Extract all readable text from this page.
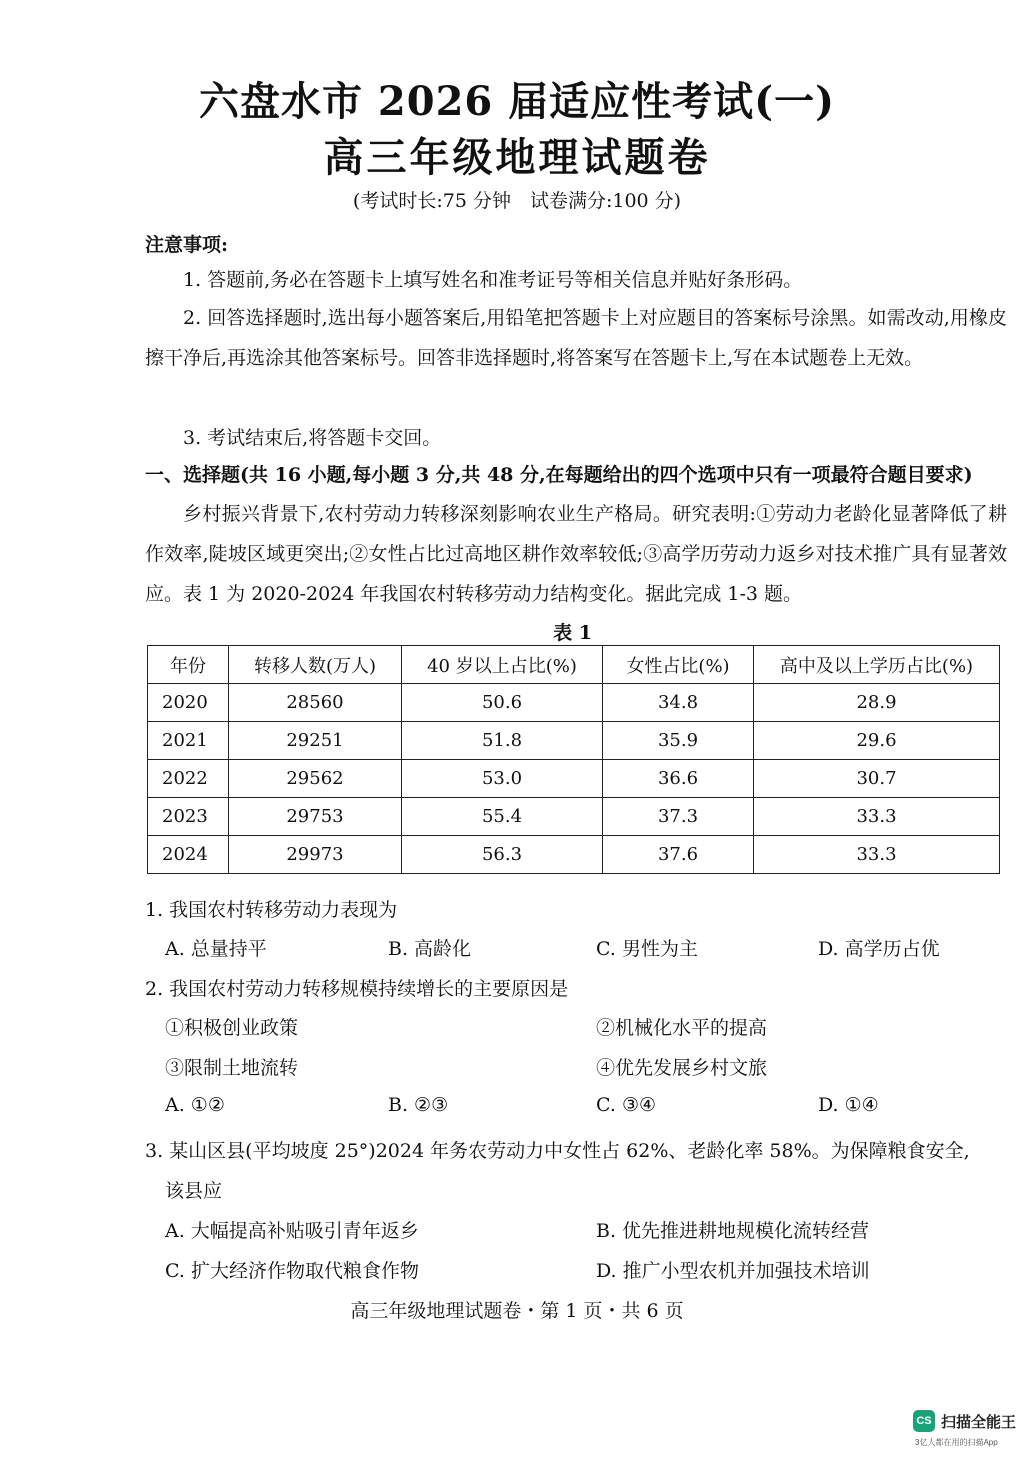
六盘水市 2026 届适应性考试(一)
高三年级地理试题卷
(考试时长:75 分钟　试卷满分:100 分)
注意事项:
1. 答题前,务必在答题卡上填写姓名和准考证号等相关信息并贴好条形码。
2. 回答选择题时,选出每小题答案后,用铅笔把答题卡上对应题目的答案标号涂黑。如需改动,用橡皮擦干净后,再选涂其他答案标号。回答非选择题时,将答案写在答题卡上,写在本试题卷上无效。
3. 考试结束后,将答题卡交回。
一、选择题(共 16 小题,每小题 3 分,共 48 分,在每题给出的四个选项中只有一项最符合题目要求)
乡村振兴背景下,农村劳动力转移深刻影响农业生产格局。研究表明:①劳动力老龄化显著降低了耕作效率,陡坡区域更突出;②女性占比过高地区耕作效率较低;③高学历劳动力返乡对技术推广具有显著效应。表 1 为 2020-2024 年我国农村转移劳动力结构变化。据此完成 1-3 题。
表 1
年份	转移人数(万人)	40 岁以上占比(%)	女性占比(%)	高中及以上学历占比(%)
2020	28560	50.6	34.8	28.9
2021	29251	51.8	35.9	29.6
2022	29562	53.0	36.6	30.7
2023	29753	55.4	37.3	33.3
2024	29973	56.3	37.6	33.3
1. 我国农村转移劳动力表现为
A. 总量持平	B. 高龄化	C. 男性为主	D. 高学历占优
2. 我国农村劳动力转移规模持续增长的主要原因是
①积极创业政策	②机械化水平的提高
③限制土地流转	④优先发展乡村文旅
A. ①②	B. ②③	C. ③④	D. ①④
3. 某山区县(平均坡度 25°)2024 年务农劳动力中女性占 62%、老龄化率 58%。为保障粮食安全,
该县应
A. 大幅提高补贴吸引青年返乡	B. 优先推进耕地规模化流转经营
C. 扩大经济作物取代粮食作物	D. 推广小型农机并加强技术培训
高三年级地理试题卷・第 1 页・共 6 页
CS 扫描全能王
3亿人都在用的扫描App
